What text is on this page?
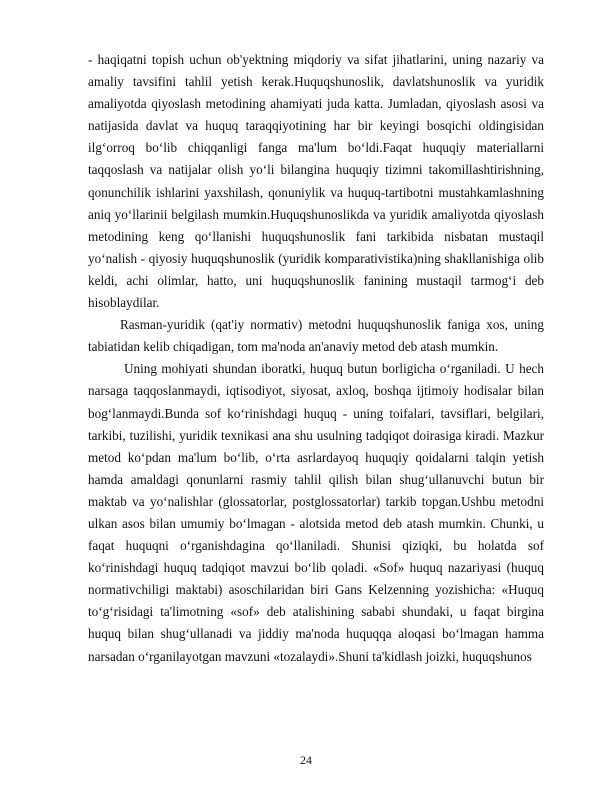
- haqiqatni topish uchun ob'yektning miqdoriy va sifat jihatlarini, uning nazariy va amaliy tavsifini tahlil yetish kerak.Huquqshunoslik, davlatshunoslik va yuridik amaliyotda qiyoslash metodining ahamiyati juda katta. Jumladan, qiyoslash asosi va natijasida davlat va huquq taraqqiyotining har bir keyingi bosqichi oldingisidan ilg‘orroq bo‘lib chiqqanligi fanga ma'lum bo‘ldi.Faqat huquqiy materiallarni taqqoslash va natijalar olish yo‘li bilangina huquqiy tizimni takomillashtirishning, qonunchilik ishlarini yaxshilash, qonuniylik va huquq-tartibotni mustahkamlashning aniq yo‘llarinii belgilash mumkin.Huquqshunoslikda va yuridik amaliyotda qiyoslash metodining keng qo‘llanishi huquqshunoslik fani tarkibida nisbatan mustaqil yo‘nalish - qiyosiy huquqshunoslik (yuridik komparativistika)ning shakllanishiga olib keldi, achi olimlar, hatto, uni huquqshunoslik fanining mustaqil tarmog‘i deb hisoblaydilar.

Rasman-yuridik (qat'iy normativ) metodni huquqshunoslik faniga xos, uning tabiatidan kelib chiqadigan, tom ma'noda an'anaviy metod deb atash mumkin.

Uning mohiyati shundan iboratki, huquq butun borligicha o‘rganiladi. U hech narsaga taqqoslanmaydi, iqtisodiyot, siyosat, axloq, boshqa ijtimoiy hodisalar bilan bog‘lanmaydi.Bunda sof ko‘rinishdagi huquq - uning toifalari, tavsiflari, belgilari, tarkibi, tuzilishi, yuridik texnikasi ana shu usulning tadqiqot doirasiga kiradi. Mazkur metod ko‘pdan ma'lum bo‘lib, o‘rta asrlardayoq huquqiy qoidalarni talqin yetish hamda amaldagi qonunlarni rasmiy tahlil qilish bilan shug‘ullanuvchi butun bir maktab va yo‘nalishlar (glossatorlar, postglossatorlar) tarkib topgan.Ushbu metodni ulkan asos bilan umumiy bo‘lmagan - alotsida metod deb atash mumkin. Chunki, u faqat huquqni o‘rganishdagina qo‘llaniladi. Shunisi qiziqki, bu holatda sof ko‘rinishdagi huquq tadqiqot mavzui bo‘lib qoladi. «Sof» huquq nazariyasi (huquq normativchiligi maktabi) asoschilaridan biri Gans Kelzenning yozishicha: «Huquq to‘g‘risidagi ta'limotning «sof» deb atalishining sababi shundaki, u faqat birgina huquq bilan shug‘ullanadi va jiddiy ma'noda huquqqa aloqasi bo‘lmagan hamma narsadan o‘rganilayotgan mavzuni «tozalaydi».Shuni ta'kidlash joizki, huquqshunos

24
